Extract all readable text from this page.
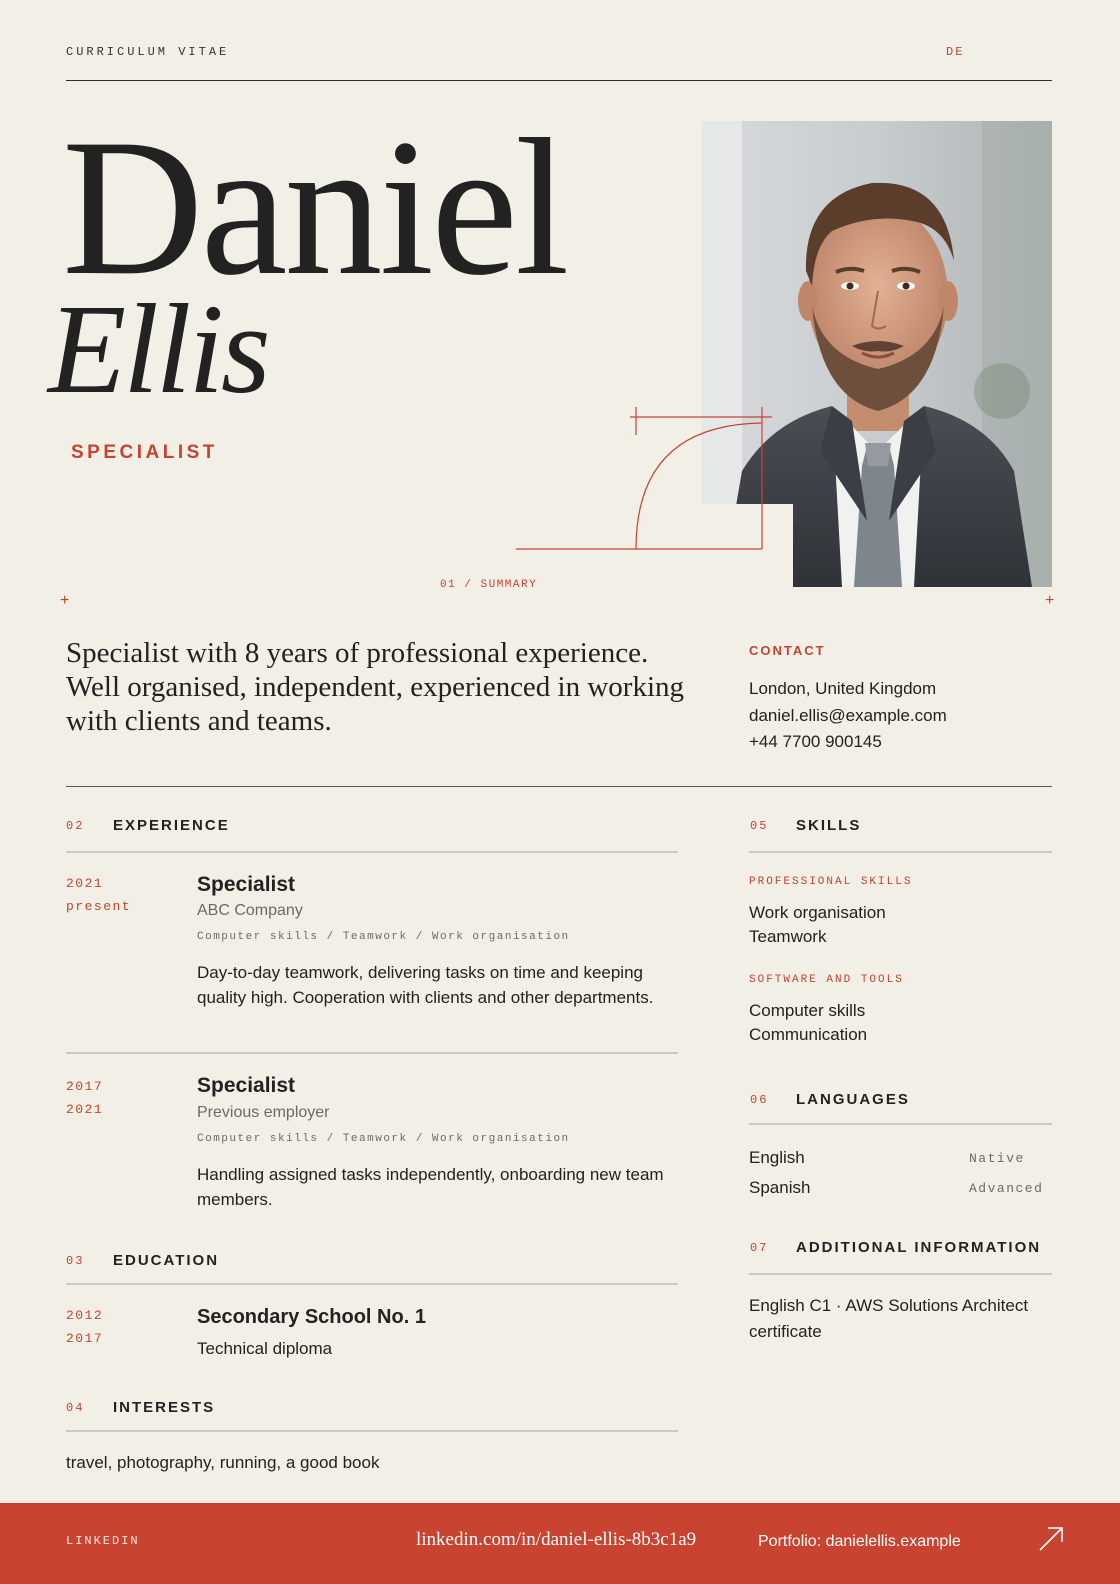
CURRICULUM VITAE	DE
Daniel
Ellis
SPECIALIST
01 / SUMMARY
+	+
Specialist with 8 years of professional experience. Well organised, independent, experienced in working with clients and teams.
CONTACT
London, United Kingdom
daniel.ellis@example.com
+44 7700 900145
02 EXPERIENCE
2021
present
Specialist
ABC Company
Computer skills / Teamwork / Work organisation
Day-to-day teamwork, delivering tasks on time and keeping quality high. Cooperation with clients and other departments.
2017
2021
Specialist
Previous employer
Computer skills / Teamwork / Work organisation
Handling assigned tasks independently, onboarding new team members.
03 EDUCATION
2012
2017
Secondary School No. 1
Technical diploma
04 INTERESTS
travel, photography, running, a good book
05 SKILLS
PROFESSIONAL SKILLS
Work organisation
Teamwork
SOFTWARE AND TOOLS
Computer skills
Communication
06 LANGUAGES
English	Native
Spanish	Advanced
07 ADDITIONAL INFORMATION
English C1 · AWS Solutions Architect certificate
LINKEDIN	linkedin.com/in/daniel-ellis-8b3c1a9	Portfolio: danielellis.example
